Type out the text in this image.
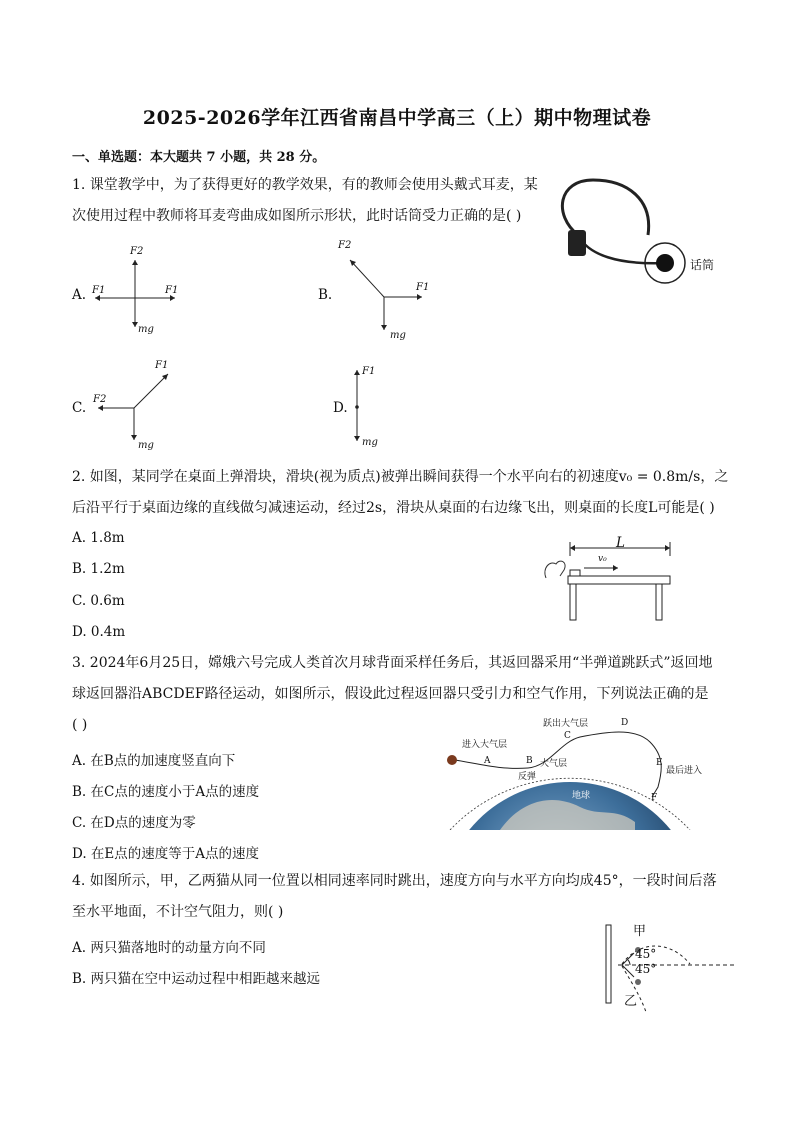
2025-2026学年江西省南昌中学高三（上）期中物理试卷
一、单选题：本大题共 7 小题，共 28 分。
1. 课堂教学中，为了获得更好的教学效果，有的教师会使用头戴式耳麦，某
次使用过程中教师将耳麦弯曲成如图所示形状，此时话筒受力正确的是( )
话筒
A.
F2
F1	F1
mg
B.
F2
F1
mg
C.
F1
F2
mg
D.
F1
mg
2. 如图，某同学在桌面上弹滑块，滑块(视为质点)被弹出瞬间获得一个水平向右的初速度v₀ = 0.8m/s，之
后沿平行于桌面边缘的直线做匀减速运动，经过2s，滑块从桌面的右边缘飞出，则桌面的长度L可能是( )
A. 1.8m
B. 1.2m
C. 0.6m
D. 0.4m
L
v₀
3. 2024年6月25日，嫦娥六号完成人类首次月球背面采样任务后，其返回器采用“半弹道跳跃式”返回地
球返回器沿ABCDEF路径运动，如图所示，假设此过程返回器只受引力和空气作用，下列说法正确的是
( )
A. 在B点的加速度竖直向下
B. 在C点的速度小于A点的速度
C. 在D点的速度为零
D. 在E点的速度等于A点的速度
进入大气层
跃出大气层
反弹
大气层
最后进入
地球
A	B
C
D
E
F
4. 如图所示，甲，乙两猫从同一位置以相同速率同时跳出，速度方向与水平方向均成45°，一段时间后落
至水平地面，不计空气阻力，则( )
A. 两只猫落地时的动量方向不同
B. 两只猫在空中运动过程中相距越来越远
甲
45°
45°
乙
